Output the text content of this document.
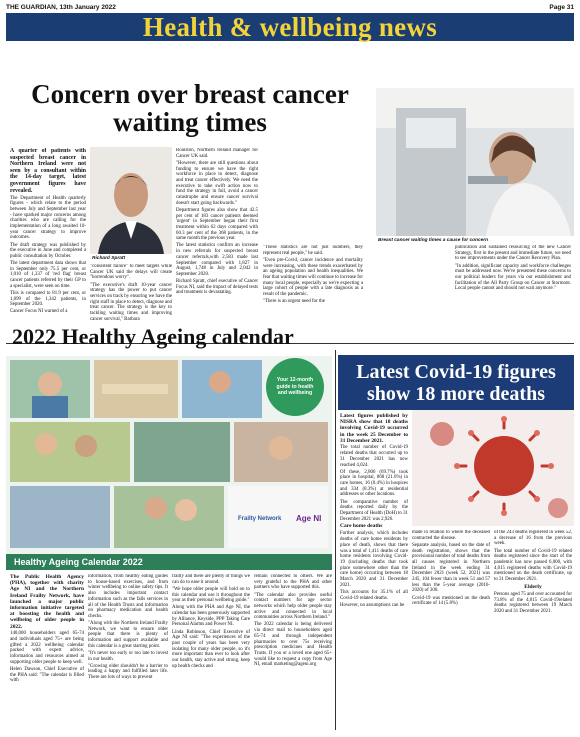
THE GUARDIAN, 13th January 2022	Page 31
Health & wellbeing news
Concern over breast cancer waiting times

A quarter of patients with suspected breast cancer in Northern Ireland were not seen by a consultant within the 14-day target, latest government figures have revealed.

The Department of Health quarterly figures - which relate to the period between July and September last year - have sparked major concerns among charities who are calling for the implementation of a long awaited 10-year cancer strategy to improve outcomes.

The draft strategy was published by the executive in June and completed a public consultation by October.

The latest department data shows that in September only 75.5 per cent, or 1,010 of 1,337 of 'red flag' breast cancer patients referred by their GP to a specialist, were seen on time.

This is compared to 81.9 per cent, or 1,099 of the 1,342 patients, in September 2020.

Cancer Focus NI warned of a

Richard Spratt

"consistent failure" to meet targets while Cancer UK said the delays will create "horrendous worry".

"The executive's draft 10-year cancer strategy has the power to put cancer services on track by ensuring we have the right staff in place to detect, diagnose and treat cancer. The strategy is the key to tackling waiting times and improving cancer survival," Barbara

Roulston, Northern Ireland manager for Cancer UK said.

"However, there are still questions about funding to ensure we have the right workforce in place to detect, diagnose and treat cancer effectively. We need the executive to take swift action now to fund the strategy in full, avoid a cancer catastrophe and ensure cancer survival doesn't start going backwards."

Department figures also show that 42.5 per cent of 183 cancer patients deemed 'urgent' in September began their first treatment within 62 days compared with 60.3 per cent of the 368 patients, in the same month the previous year.

The latest statistics confirm an increase in new referrals for suspected breast cancer referrals,with 2,583 made last September compared with 1,827 in August, 1,748 in July and 2,042 in September 2020.

Richard Spratt, chief executive of Cancer Focus NI, said the impact of delayed tests and treatment is devastating.

Breast cancer waiting times a cause for concern

"These statistics are not just numbers, they represent real people," he said.

"Even pre-Covid, cancer incidence and mortality were increasing, with these trends exacerbated by an ageing population and health inequalities. We fear that waiting times will continue to increase for many local people, especially as we're expecting a large cohort of people with a late diagnosis as a result of the pandemic.

"There is an urgent need for the

publication and sustained resourcing of the new Cancer Strategy, first in the present and immediate future, we need to see improvements under the Cancer Recovery Plan.

"In addition, significant capacity and workforce challenges must be addressed now. We've presented these concerns to our political leaders for years via our establishment and facilitation of the All Party Group on Cancer at Stormont. Local people cannot and should not wait anymore."

2022 Healthy Ageing calendar
Your 12-month guide to health and wellbeing
Frailty Network Age NI
Healthy Ageing Calendar 2022

The Public Health Agency (PHA), together with charity Age NI and the Northern Ireland Frailty Network, have launched a major public information initiative targeted at boosting the health and wellbeing of older people in 2022.

140,000 householders aged 65-74 and individuals aged 75+ are being gifted a 2022 wellbeing calendar packed with expert advice, information and resources aimed at supporting older people to keep well.

Helen Dawson, Chief Executive of the PHA said: "The calendar is filled with

information, from healthy eating guides to house-based exercises, and from winter wellbeing to online safety tips. It also includes important contact information such as the falls services in all of the Health Trusts and information on pharmacy medication and health checks.

"Along with the Northern Ireland Frailty Network, we want to ensure older people that there is plenty of information and support available and this calendar is a great starting point.

"It's never too early or too late to invest in our health.

"Growing older shouldn't be a barrier to leading a happy and fulfilled later life. There are lots of ways to prevent

frailty and there are plenty of things we can do to ease it around.

"We hope older people will hold on to this calendar and use it throughout the year as their personal wellbeing guide."

Along with the PHA and Age NI, the calendar has been generously supported by Alliance, Keyside, PPP Taking Care Personal Alarms and Power NI.

Linda Robinson, Chief Executive of Age NI said: "The experiences of the past couple of years has been very isolating for many older people, so it's more important than ever to look after our health, stay active and strong, keep up health checks and

remain connected to others. We are very grateful to the PHA and other partners who have supported this.

"The calendar also provides useful contact numbers for age sector networks which help older people stay active and connected in local communities across Northern Ireland."

The 2022 calendar is being delivered via direct mail to householders aged 65-74 and through independent pharmacies to over 75s receiving prescription medicines and Health Trusts. If you or a loved one aged 65+ would like to request a copy from Age NI, email marketing@ageni.org

Latest Covid-19 figures show 18 more deaths

Latest figures published by NISRA show that 18 deaths involving Covid-19 occurred in the week 25 December to 31 December 2021.

The total number of Covid-19 related deaths that occurred up to 31 December 2021 has now reached 4,024.

Of these, 2,806 (69.7%) took place in hospital, 868 (21.6%) in care homes, 16 (0.4%) in hospices and 334 (8.3%) at residential addresses or other locations.

The comparative number of deaths reported daily by the Department of Health (DoH) to 31 December 2021 was 2,926.

Care home deaths

Further analysis, which includes deaths of care home residents by place of death, shows that there was a total of 1,411 deaths of care home residents involving Covid-19 (including deaths that took place somewhere other than the care home) occurring between 18 March 2020 and 31 December 2021.

This accounts for 35.1% of all Covid-19 related deaths.

However, no assumptions can be

made in relation to where the deceased contracted the disease.

Separate analysis, based on the date of death registration, shows that the provisional number of total deaths from all causes registered in Northern Ireland in the week ending 31 December 2021 (week 52, 2021) was 245, 104 fewer than in week 51 and 57 less than the 5-year average (2016-2020) of 300.

Covid-19 was mentioned on the death certificate of 14 (5.8%)

of the 243 deaths registered in week 52, a decrease of 16 from the previous week.

The total number of Covid-19 related deaths registered since the start of the pandemic has now passed 6,000, with 4,015 registered deaths with Covid-19 mentioned on the death certificate, up to 31 December 2021.

Elderly

Persons aged 75 and over accounted for 73.8% of the 4,015 Covid-19related deaths registered between 19 March 2020 and 31 December 2021.
